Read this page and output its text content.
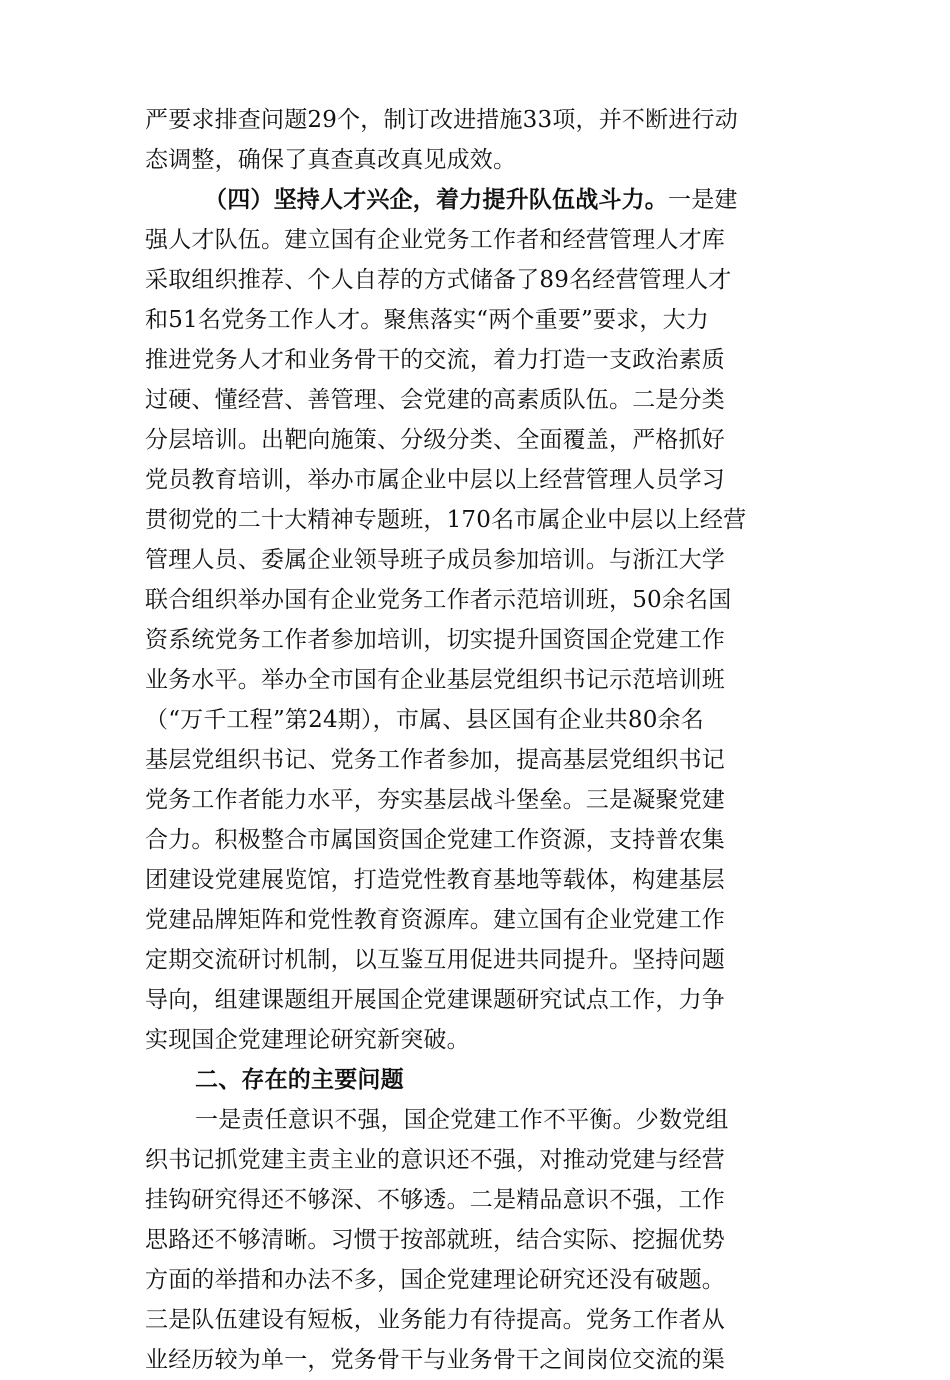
严要求排查问题29个，制订改进措施33项，并不断进行动
态调整，确保了真查真改真见成效。
（四）坚持人才兴企，着力提升队伍战斗力。一是建
强人才队伍。建立国有企业党务工作者和经营管理人才库
采取组织推荐、个人自荐的方式储备了89名经营管理人才
和51名党务工作人才。聚焦落实“两个重要”要求，大力
推进党务人才和业务骨干的交流，着力打造一支政治素质
过硬、懂经营、善管理、会党建的高素质队伍。二是分类
分层培训。出靶向施策、分级分类、全面覆盖，严格抓好
党员教育培训，举办市属企业中层以上经营管理人员学习
贯彻党的二十大精神专题班，170名市属企业中层以上经营
管理人员、委属企业领导班子成员参加培训。与浙江大学
联合组织举办国有企业党务工作者示范培训班，50余名国
资系统党务工作者参加培训，切实提升国资国企党建工作
业务水平。举办全市国有企业基层党组织书记示范培训班
（“万千工程”第24期），市属、县区国有企业共80余名
基层党组织书记、党务工作者参加，提高基层党组织书记
党务工作者能力水平，夯实基层战斗堡垒。三是凝聚党建
合力。积极整合市属国资国企党建工作资源，支持普农集
团建设党建展览馆，打造党性教育基地等载体，构建基层
党建品牌矩阵和党性教育资源库。建立国有企业党建工作
定期交流研讨机制，以互鉴互用促进共同提升。坚持问题
导向，组建课题组开展国企党建课题研究试点工作，力争
实现国企党建理论研究新突破。
二、存在的主要问题
一是责任意识不强，国企党建工作不平衡。少数党组
织书记抓党建主责主业的意识还不强，对推动党建与经营
挂钩研究得还不够深、不够透。二是精品意识不强，工作
思路还不够清晰。习惯于按部就班，结合实际、挖掘优势
方面的举措和办法不多，国企党建理论研究还没有破题。
三是队伍建设有短板，业务能力有待提高。党务工作者从
业经历较为单一，党务骨干与业务骨干之间岗位交流的渠
